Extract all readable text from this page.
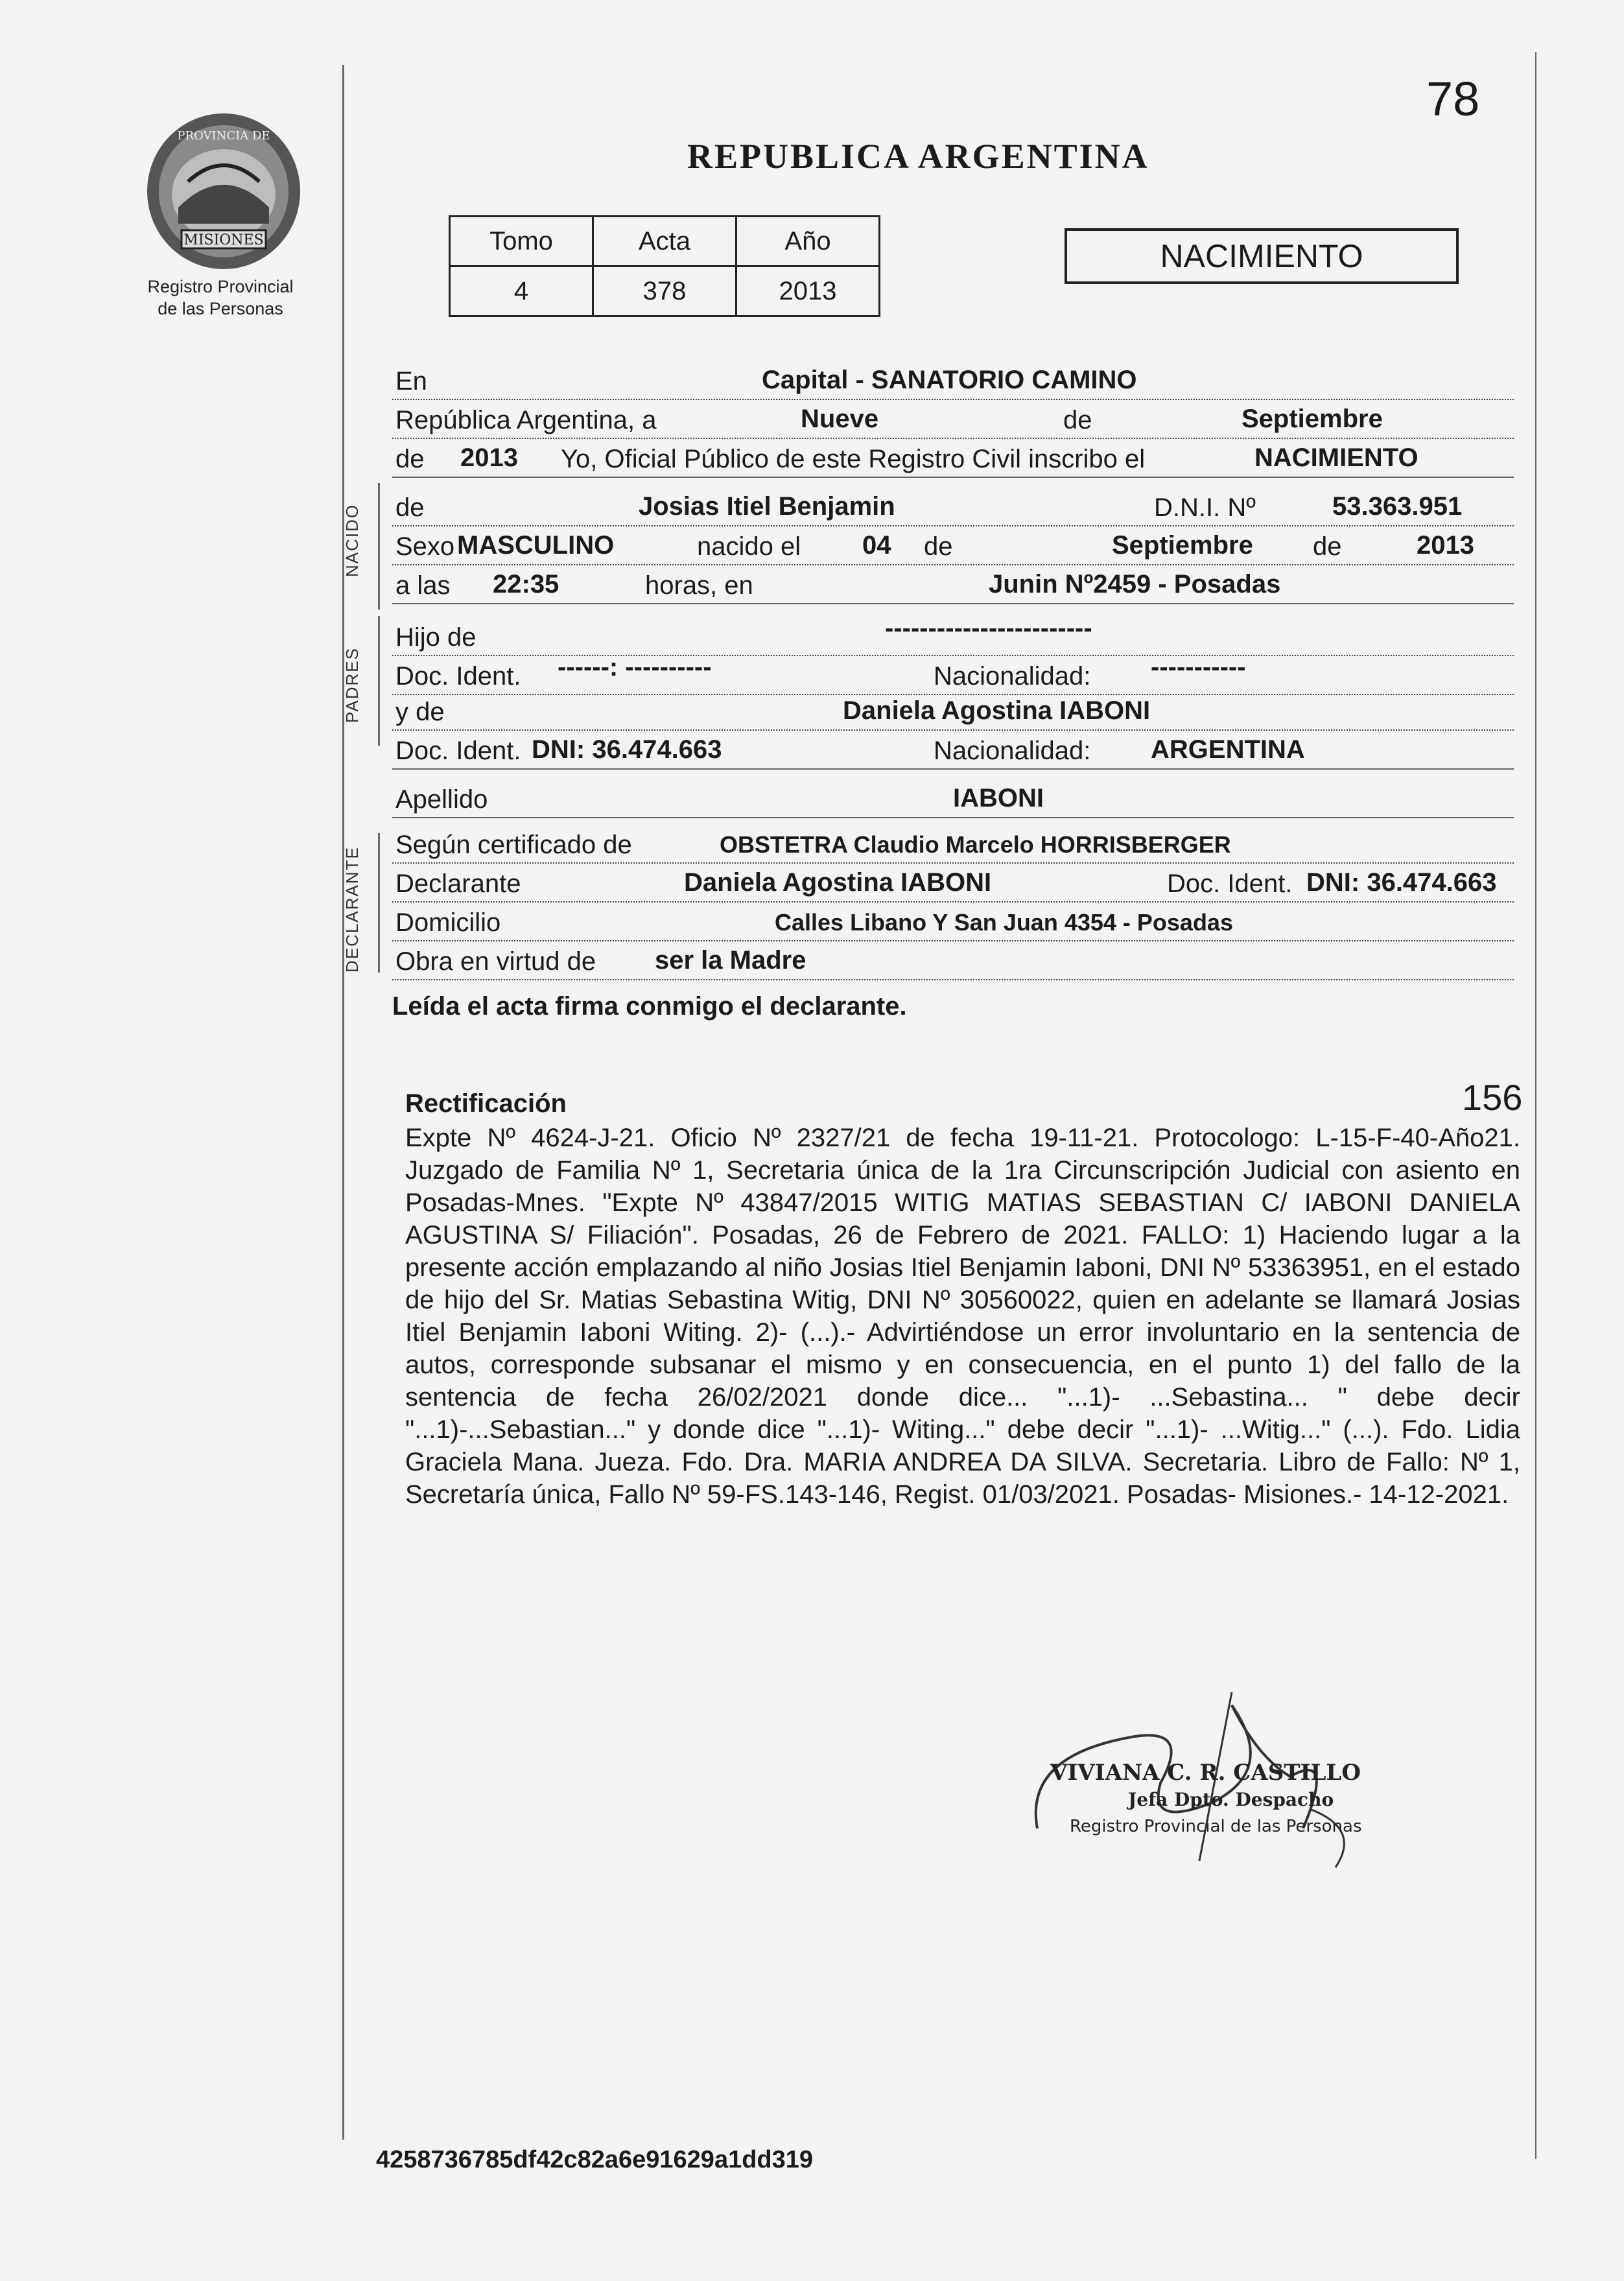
MISIONES
PROVINCIA DE
Registro Provincial
de las Personas
78
REPUBLICA ARGENTINA
Tomo	Acta	Año
4	378	2013
NACIMIENTO
NACIDO
PADRES
DECLARANTE
En	Capital - SANATORIO CAMINO
República Argentina, a	Nueve	de	Septiembre
de 2013 Yo, Oficial Público de este Registro Civil inscribo el	NACIMIENTO
de	Josias Itiel Benjamin	D.N.I. Nº	53.363.951
Sexo MASCULINO	nacido el 04 de	Septiembre de	2013
a las 22:35	horas, en	Junin Nº2459 - Posadas
Hijo de	------------------------
Doc. Ident. ------: ----------	Nacionalidad: -----------
y de	Daniela Agostina IABONI
Doc. Ident. DNI: 36.474.663	Nacionalidad: ARGENTINA
Apellido	IABONI
Según certificado de	OBSTETRA Claudio Marcelo HORRISBERGER
Declarante	Daniela Agostina IABONI	Doc. Ident. DNI: 36.474.663
Domicilio	Calles Libano Y San Juan 4354 - Posadas
Obra en virtud de ser la Madre
Leída el acta firma conmigo el declarante.
Rectificación	156
Expte Nº 4624-J-21. Oficio Nº 2327/21 de fecha 19-11-21. Protocologo: L-15-F-40-Año21. Juzgado de Familia Nº 1, Secretaria única de la 1ra Circunscripción Judicial con asiento en Posadas-Mnes. "Expte Nº 43847/2015 WITIG MATIAS SEBASTIAN C/ IABONI DANIELA AGUSTINA S/ Filiación". Posadas, 26 de Febrero de 2021. FALLO: 1) Haciendo lugar a la presente acción emplazando al niño Josias Itiel Benjamin Iaboni, DNI Nº 53363951, en el estado de hijo del Sr. Matias Sebastina Witig, DNI Nº 30560022, quien en adelante se llamará Josias Itiel Benjamin Iaboni Witing. 2)- (...).- Advirtiéndose un error involuntario en la sentencia de autos, corresponde subsanar el mismo y en consecuencia, en el punto 1) del fallo de la sentencia de fecha 26/02/2021 donde dice... "...1)- ...Sebastina... " debe decir "...1)-...Sebastian..." y donde dice "...1)- Witing..." debe decir "...1)- ...Witig..." (...). Fdo. Lidia Graciela Mana. Jueza. Fdo. Dra. MARIA ANDREA DA SILVA. Secretaria. Libro de Fallo: Nº 1, Secretaría única, Fallo Nº 59-FS.143-146, Regist. 01/03/2021. Posadas- Misiones.- 14-12-2021.
VIVIANA C. R. CASTILLO
Jefa Dpto. Despacho
Registro Provincial de las Personas
4258736785df42c82a6e91629a1dd319
